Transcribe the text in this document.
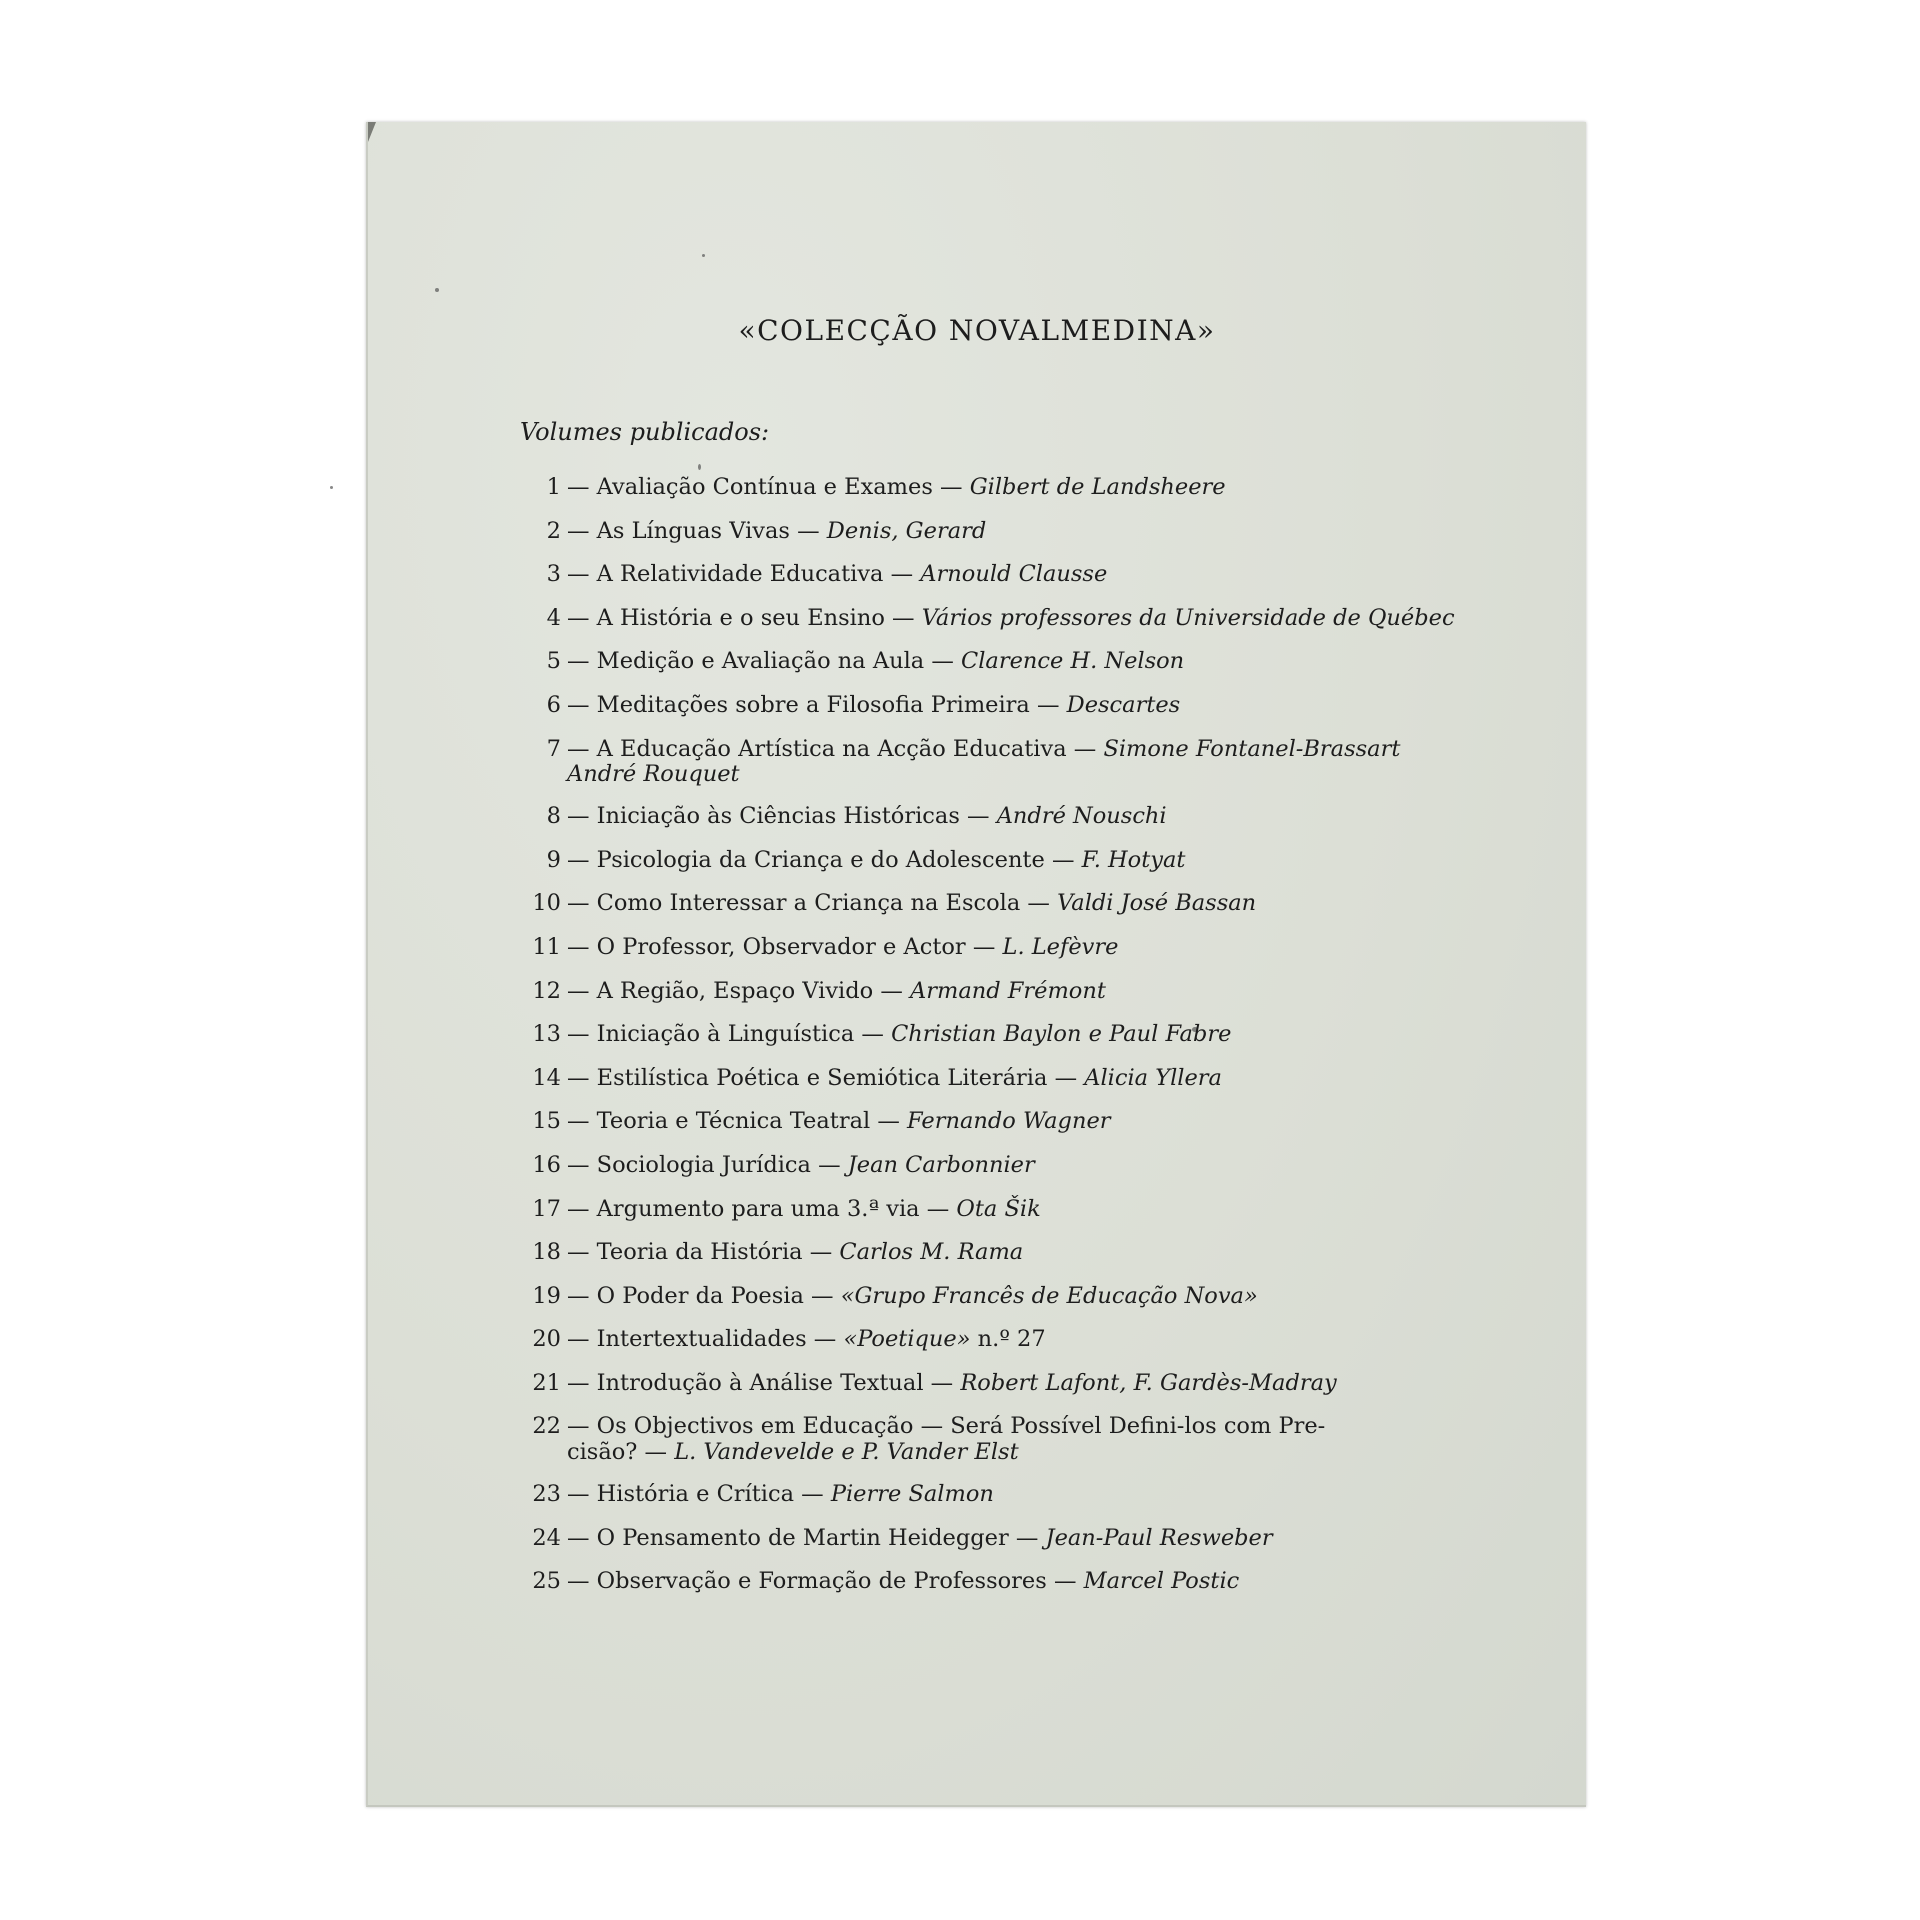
«COLECÇÃO NOVALMEDINA»
Volumes publicados:
1 — Avaliação Contínua e Exames — Gilbert de Landsheere
2 — As Línguas Vivas — Denis, Gerard
3 — A Relatividade Educativa — Arnould Clausse
4 — A História e o seu Ensino — Vários professores da Universidade de Québec
5 — Medição e Avaliação na Aula — Clarence H. Nelson
6 — Meditações sobre a Filosofia Primeira — Descartes
7 — A Educação Artística na Acção Educativa — Simone Fontanel-Brassart
André Rouquet
8 — Iniciação às Ciências Históricas — André Nouschi
9 — Psicologia da Criança e do Adolescente — F. Hotyat
10 — Como Interessar a Criança na Escola — Valdi José Bassan
11 — O Professor, Observador e Actor — L. Lefèvre
12 — A Região, Espaço Vivido — Armand Frémont
13 — Iniciação à Linguística — Christian Baylon e Paul Fabre
14 — Estilística Poética e Semiótica Literária — Alicia Yllera
15 — Teoria e Técnica Teatral — Fernando Wagner
16 — Sociologia Jurídica — Jean Carbonnier
17 — Argumento para uma 3.ª via — Ota Šik
18 — Teoria da História — Carlos M. Rama
19 — O Poder da Poesia — «Grupo Francês de Educação Nova»
20 — Intertextualidades — «Poetique» n.º 27
21 — Introdução à Análise Textual — Robert Lafont, F. Gardès-Madray
22 — Os Objectivos em Educação — Será Possível Defini-los com Pre-
cisão? — L. Vandevelde e P. Vander Elst
23 — História e Crítica — Pierre Salmon
24 — O Pensamento de Martin Heidegger — Jean-Paul Resweber
25 — Observação e Formação de Professores — Marcel Postic
